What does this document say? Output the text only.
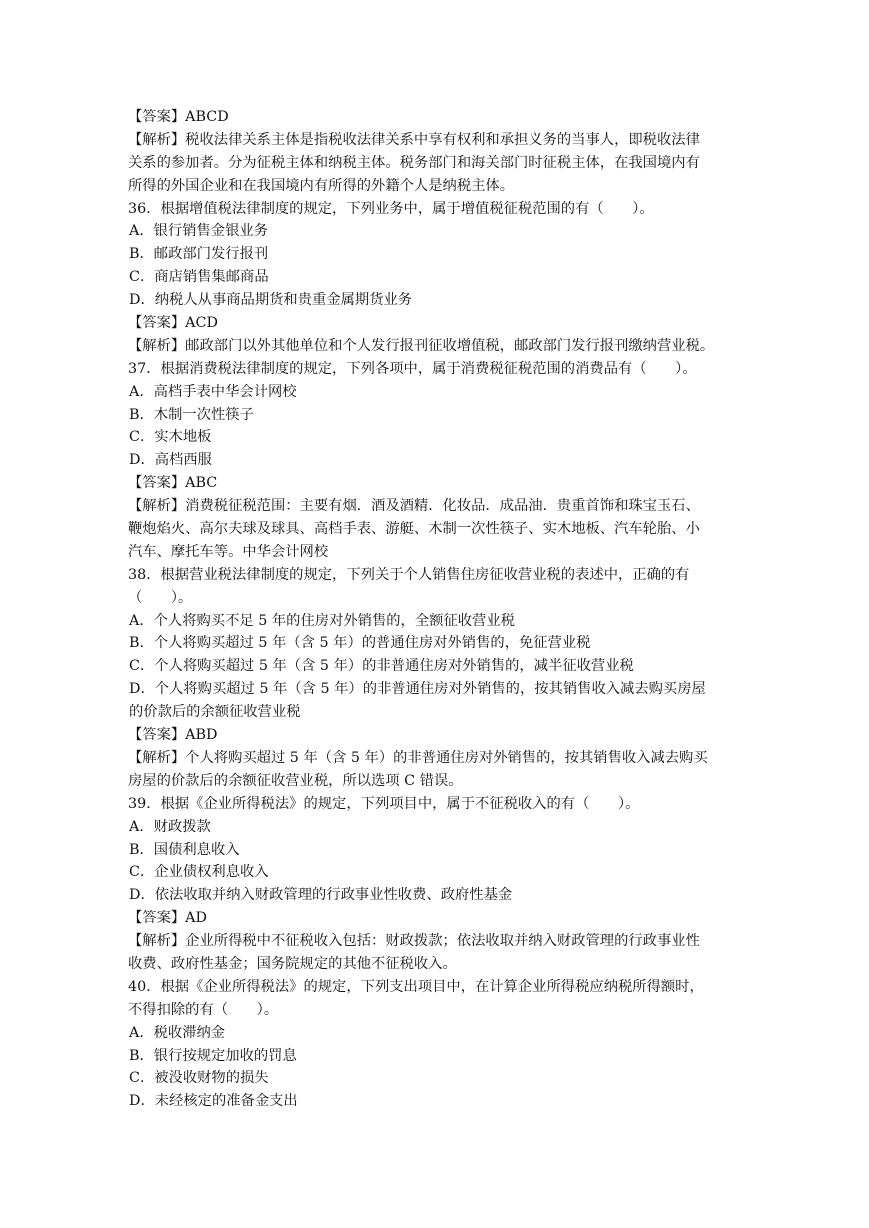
【答案】ABCD
【解析】税收法律关系主体是指税收法律关系中享有权利和承担义务的当事人，即税收法律
关系的参加者。分为征税主体和纳税主体。税务部门和海关部门时征税主体，在我国境内有
所得的外国企业和在我国境内有所得的外籍个人是纳税主体。
36．根据增值税法律制度的规定，下列业务中，属于增值税征税范围的有（　　）。
A．银行销售金银业务
B．邮政部门发行报刊
C．商店销售集邮商品
D．纳税人从事商品期货和贵重金属期货业务
【答案】ACD
【解析】邮政部门以外其他单位和个人发行报刊征收增值税，邮政部门发行报刊缴纳营业税。
37．根据消费税法律制度的规定，下列各项中，属于消费税征税范围的消费品有（　　）。
A．高档手表中华会计网校
B．木制一次性筷子
C．实木地板
D．高档西服
【答案】ABC
【解析】消费税征税范围：主要有烟．酒及酒精．化妆品．成品油．贵重首饰和珠宝玉石、
鞭炮焰火、高尔夫球及球具、高档手表、游艇、木制一次性筷子、实木地板、汽车轮胎、小
汽车、摩托车等。中华会计网校
38．根据营业税法律制度的规定，下列关于个人销售住房征收营业税的表述中，正确的有
（　　）。
A．个人将购买不足 5 年的住房对外销售的，全额征收营业税
B．个人将购买超过 5 年（含 5 年）的普通住房对外销售的，免征营业税
C．个人将购买超过 5 年（含 5 年）的非普通住房对外销售的，减半征收营业税
D．个人将购买超过 5 年（含 5 年）的非普通住房对外销售的，按其销售收入减去购买房屋
的价款后的余额征收营业税
【答案】ABD
【解析】个人将购买超过 5 年（含 5 年）的非普通住房对外销售的，按其销售收入减去购买
房屋的价款后的余额征收营业税，所以选项 C 错误。
39．根据《企业所得税法》的规定，下列项目中，属于不征税收入的有（　　）。
A．财政拨款
B．国债利息收入
C．企业债权利息收入
D．依法收取并纳入财政管理的行政事业性收费、政府性基金
【答案】AD
【解析】企业所得税中不征税收入包括：财政拨款；依法收取并纳入财政管理的行政事业性
收费、政府性基金；国务院规定的其他不征税收入。
40．根据《企业所得税法》的规定，下列支出项目中，在计算企业所得税应纳税所得额时，
不得扣除的有（　　）。
A．税收滞纳金
B．银行按规定加收的罚息
C．被没收财物的损失
D．未经核定的准备金支出
